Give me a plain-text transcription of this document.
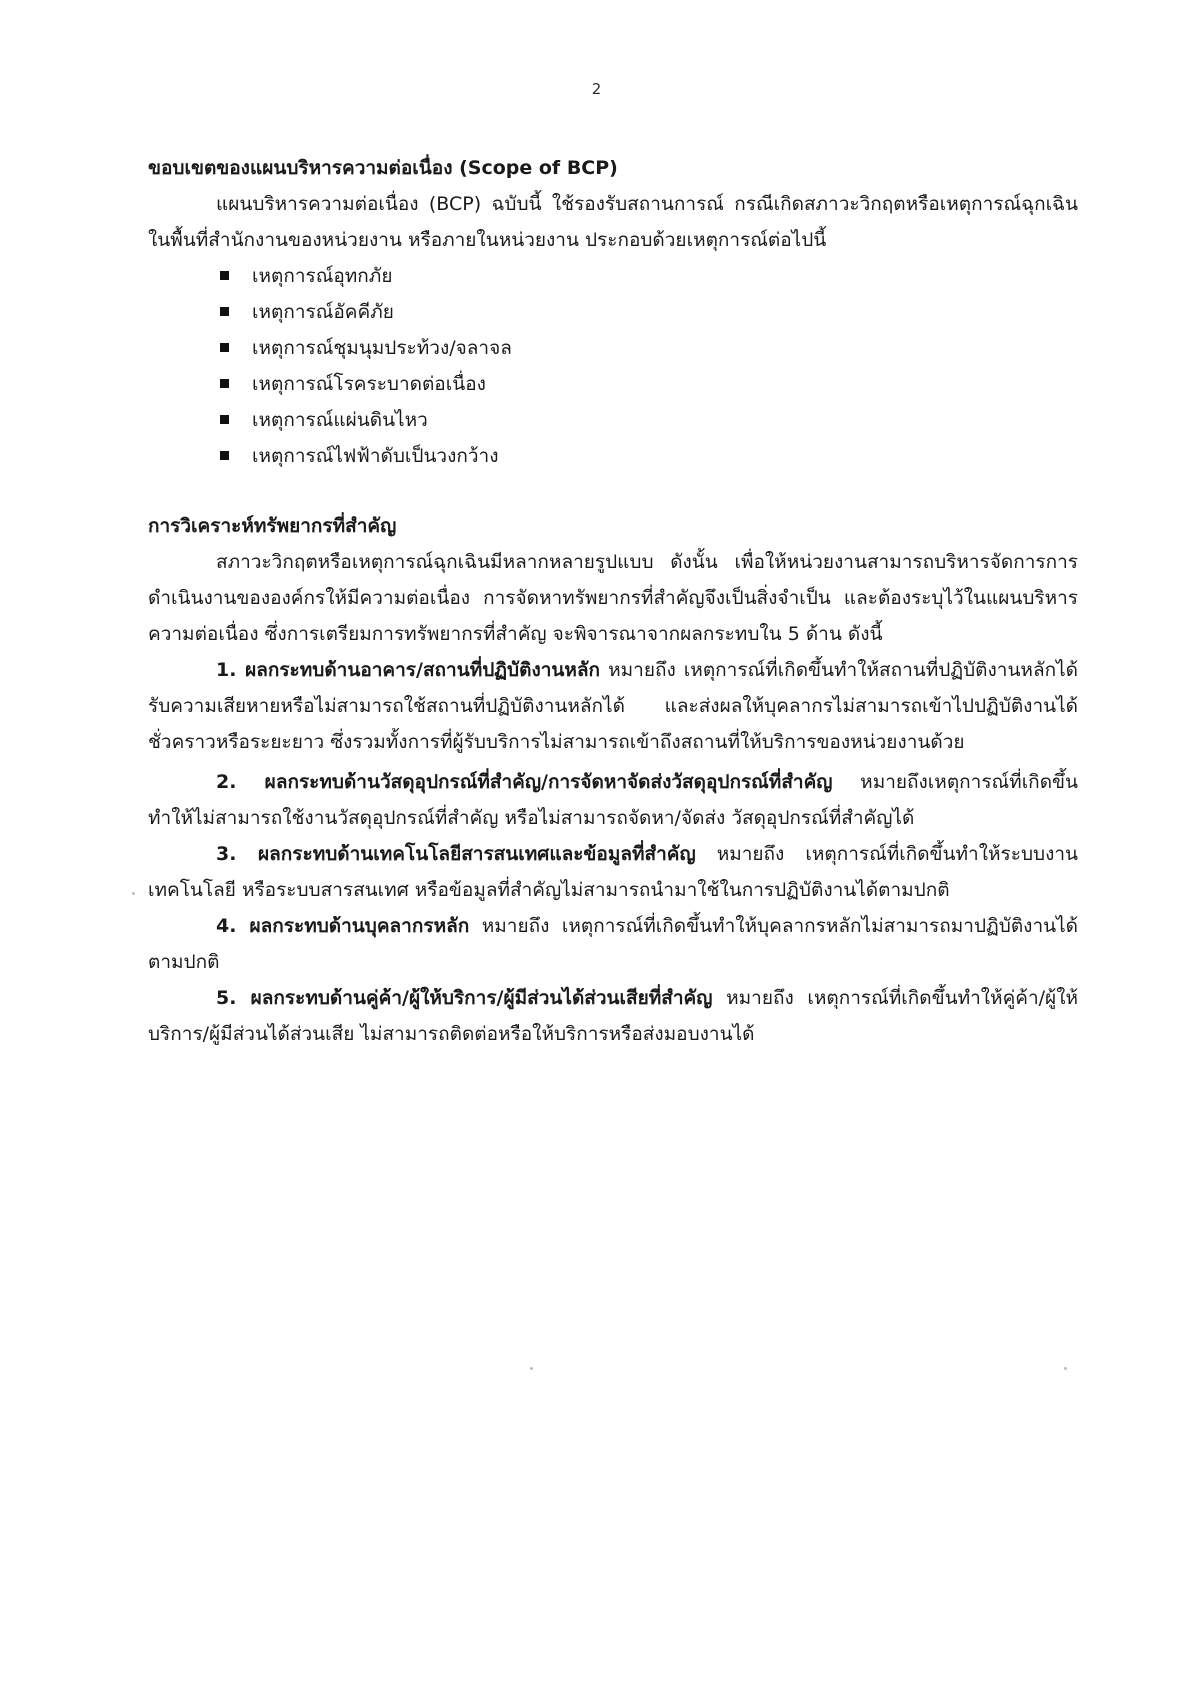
2

ขอบเขตของแผนบริหารความต่อเนื่อง (Scope of BCP)

แผนบริหารความต่อเนื่อง (BCP) ฉบับนี้ ใช้รองรับสถานการณ์ กรณีเกิดสภาวะวิกฤตหรือเหตุการณ์ฉุกเฉินในพื้นที่สำนักงานของหน่วยงาน หรือภายในหน่วยงาน ประกอบด้วยเหตุการณ์ต่อไปนี้

เหตุการณ์อุทกภัย
เหตุการณ์อัคคีภัย
เหตุการณ์ชุมนุมประท้วง/จลาจล
เหตุการณ์โรคระบาดต่อเนื่อง
เหตุการณ์แผ่นดินไหว
เหตุการณ์ไฟฟ้าดับเป็นวงกว้าง

การวิเคราะห์ทรัพยากรที่สำคัญ

สภาวะวิกฤตหรือเหตุการณ์ฉุกเฉินมีหลากหลายรูปแบบ ดังนั้น เพื่อให้หน่วยงานสามารถบริหารจัดการการดำเนินงานขององค์กรให้มีความต่อเนื่อง การจัดหาทรัพยากรที่สำคัญจึงเป็นสิ่งจำเป็น และต้องระบุไว้ในแผนบริหารความต่อเนื่อง ซึ่งการเตรียมการทรัพยากรที่สำคัญ จะพิจารณาจากผลกระทบใน 5 ด้าน ดังนี้

1. ผลกระทบด้านอาคาร/สถานที่ปฏิบัติงานหลัก หมายถึง เหตุการณ์ที่เกิดขึ้นทำให้สถานที่ปฏิบัติงานหลักได้รับความเสียหายหรือไม่สามารถใช้สถานที่ปฏิบัติงานหลักได้ และส่งผลให้บุคลากรไม่สามารถเข้าไปปฏิบัติงานได้ชั่วคราวหรือระยะยาว ซึ่งรวมทั้งการที่ผู้รับบริการไม่สามารถเข้าถึงสถานที่ให้บริการของหน่วยงานด้วย

2. ผลกระทบด้านวัสดุอุปกรณ์ที่สำคัญ/การจัดหาจัดส่งวัสดุอุปกรณ์ที่สำคัญ หมายถึงเหตุการณ์ที่เกิดขึ้นทำให้ไม่สามารถใช้งานวัสดุอุปกรณ์ที่สำคัญ หรือไม่สามารถจัดหา/จัดส่ง วัสดุอุปกรณ์ที่สำคัญได้

3. ผลกระทบด้านเทคโนโลยีสารสนเทศและข้อมูลที่สำคัญ หมายถึง เหตุการณ์ที่เกิดขึ้นทำให้ระบบงานเทคโนโลยี หรือระบบสารสนเทศ หรือข้อมูลที่สำคัญไม่สามารถนำมาใช้ในการปฏิบัติงานได้ตามปกติ

4. ผลกระทบด้านบุคลากรหลัก หมายถึง เหตุการณ์ที่เกิดขึ้นทำให้บุคลากรหลักไม่สามารถมาปฏิบัติงานได้ตามปกติ

5. ผลกระทบด้านคู่ค้า/ผู้ให้บริการ/ผู้มีส่วนได้ส่วนเสียที่สำคัญ หมายถึง เหตุการณ์ที่เกิดขึ้นทำให้คู่ค้า/ผู้ให้บริการ/ผู้มีส่วนได้ส่วนเสีย ไม่สามารถติดต่อหรือให้บริการหรือส่งมอบงานได้
